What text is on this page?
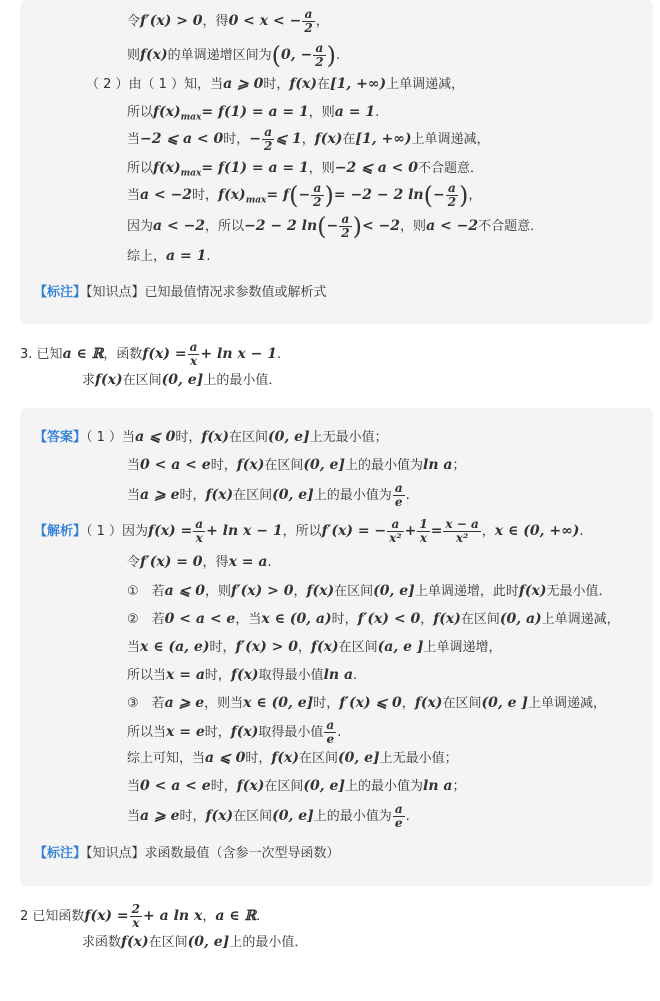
令f′(x) > 0，得0 < x < − $\frac{a}{2}$ ，
则f(x)的单调递增区间为(0, − $\frac{a}{2}$ ).
（ 2 ）由（ 1 ）知，当a ⩾ 0时，f(x)在[1, +∞)上单调递减，
所以$f(x)_{max}= f(1) = a = 1$，则a = 1.
当−2 ⩽ a < 0时，− $\frac{a}{2}$ ⩽ 1，f(x)在[1, +∞)上单调递减，
所以$f(x)_{max}= f(1) = a = 1$，则−2 ⩽ a < 0不合题意．
当a < −2时，$f(x)_{max}= f(- \frac{a}{2}$ )= −2 − 2 $\ln(- \frac{a}{2}$ )，
因为a < −2，所以−2 − 2 $\ln(- \frac{a}{2}$ )< −2，则a < −2不合题意．
综上，a = 1.
【标注】【知识点】已知最值情况求参数值或解析式
3. 已知a ∈ ℝ，函数$f(x) = \frac{a}{x} + \ln x - 1$.
求f(x)在区间(0, e]上的最小值．
【答案】（ 1 ）当a ⩽ 0时，f(x)在区间(0, e]上无最小值；
当0 < a < e时，f(x)在区间(0, e]上的最小值为ln a；
当a ⩾ e时，f(x)在区间(0, e]上的最小值为 $\frac{a}{e}$ .
【解析】（ 1 ）因为$f(x) = \frac{a}{x} + \ln x - 1$，所以f′(x) = − $\frac{a}{\text{x²}} + \frac{1}{x} = \frac{x - a}{\text{x²}}$ ，x ∈ (0, +∞).
令f′(x) = 0，得x = a.
①　若a ⩽ 0，则f′(x) > 0，f(x)在区间(0, e]上单调递增，此时f(x)无最小值．
②　若0 < a < e，当x ∈ (0, a)时，f′(x) < 0，f(x)在区间(0, a)上单调递减，
当x ∈ (a, e)时，f′(x) > 0，f(x)在区间(a, e ]上单调递增，
所以当x = a时，f(x)取得最小值ln a.
③　若a ⩾ e，则当x ∈ (0, e]时，f′(x) ⩽ 0，f(x)在区间(0, e ]上单调递减，
所以当x = e时，f(x)取得最小值 $\frac{a}{e}$ .
综上可知，当a ⩽ 0时，f(x)在区间(0, e]上无最小值；
当0 < a < e时，f(x)在区间(0, e]上的最小值为ln a；
当a ⩾ e时，f(x)在区间(0, e]上的最小值为 $\frac{a}{e}$ .
【标注】【知识点】求函数最值（含参一次型导函数）
2 已知函数$f(x) = \frac{2}{x} + a$ ln x，a ∈ ℝ.
求函数f(x)在区间(0, e]上的最小值．
